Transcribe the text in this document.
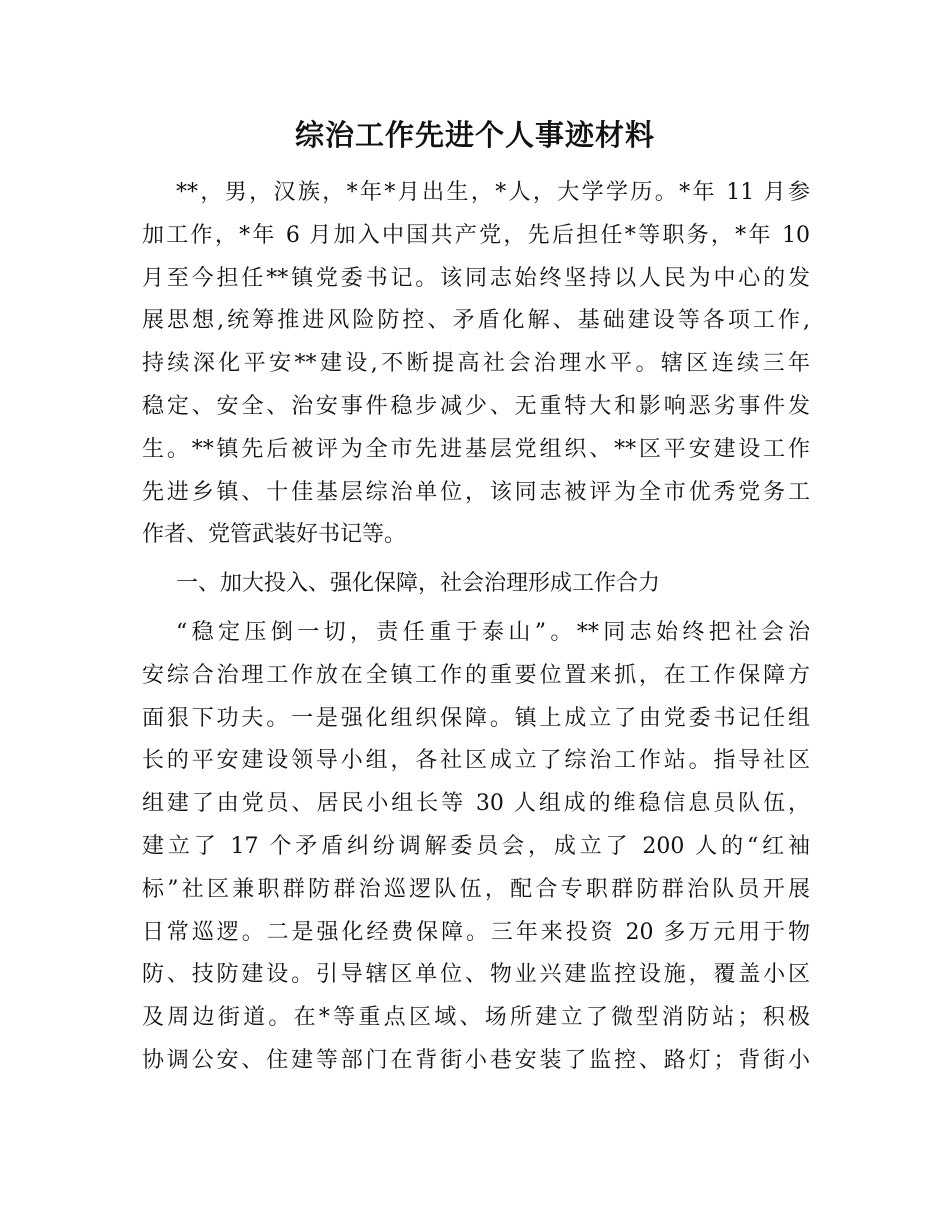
综治工作先进个人事迹材料
**，男，汉族，*年*月出生，*人，大学学历。*年 11 月参
加工作，*年 6 月加入中国共产党，先后担任*等职务，*年 10
月至今担任**镇党委书记。该同志始终坚持以人民为中心的发
展思想,统筹推进风险防控、矛盾化解、基础建设等各项工作,
持续深化平安**建设,不断提高社会治理水平。辖区连续三年
稳定、安全、治安事件稳步减少、无重特大和影响恶劣事件发
生。**镇先后被评为全市先进基层党组织、**区平安建设工作
先进乡镇、十佳基层综治单位，该同志被评为全市优秀党务工
作者、党管武装好书记等。
一、加大投入、强化保障，社会治理形成工作合力
“稳定压倒一切，责任重于泰山”。**同志始终把社会治
安综合治理工作放在全镇工作的重要位置来抓，在工作保障方
面狠下功夫。一是强化组织保障。镇上成立了由党委书记任组
长的平安建设领导小组，各社区成立了综治工作站。指导社区
组建了由党员、居民小组长等 30 人组成的维稳信息员队伍，
建立了 17 个矛盾纠纷调解委员会，成立了 200 人的“红袖
标”社区兼职群防群治巡逻队伍，配合专职群防群治队员开展
日常巡逻。二是强化经费保障。三年来投资 20 多万元用于物
防、技防建设。引导辖区单位、物业兴建监控设施，覆盖小区
及周边街道。在*等重点区域、场所建立了微型消防站；积极
协调公安、住建等部门在背街小巷安装了监控、路灯；背街小
